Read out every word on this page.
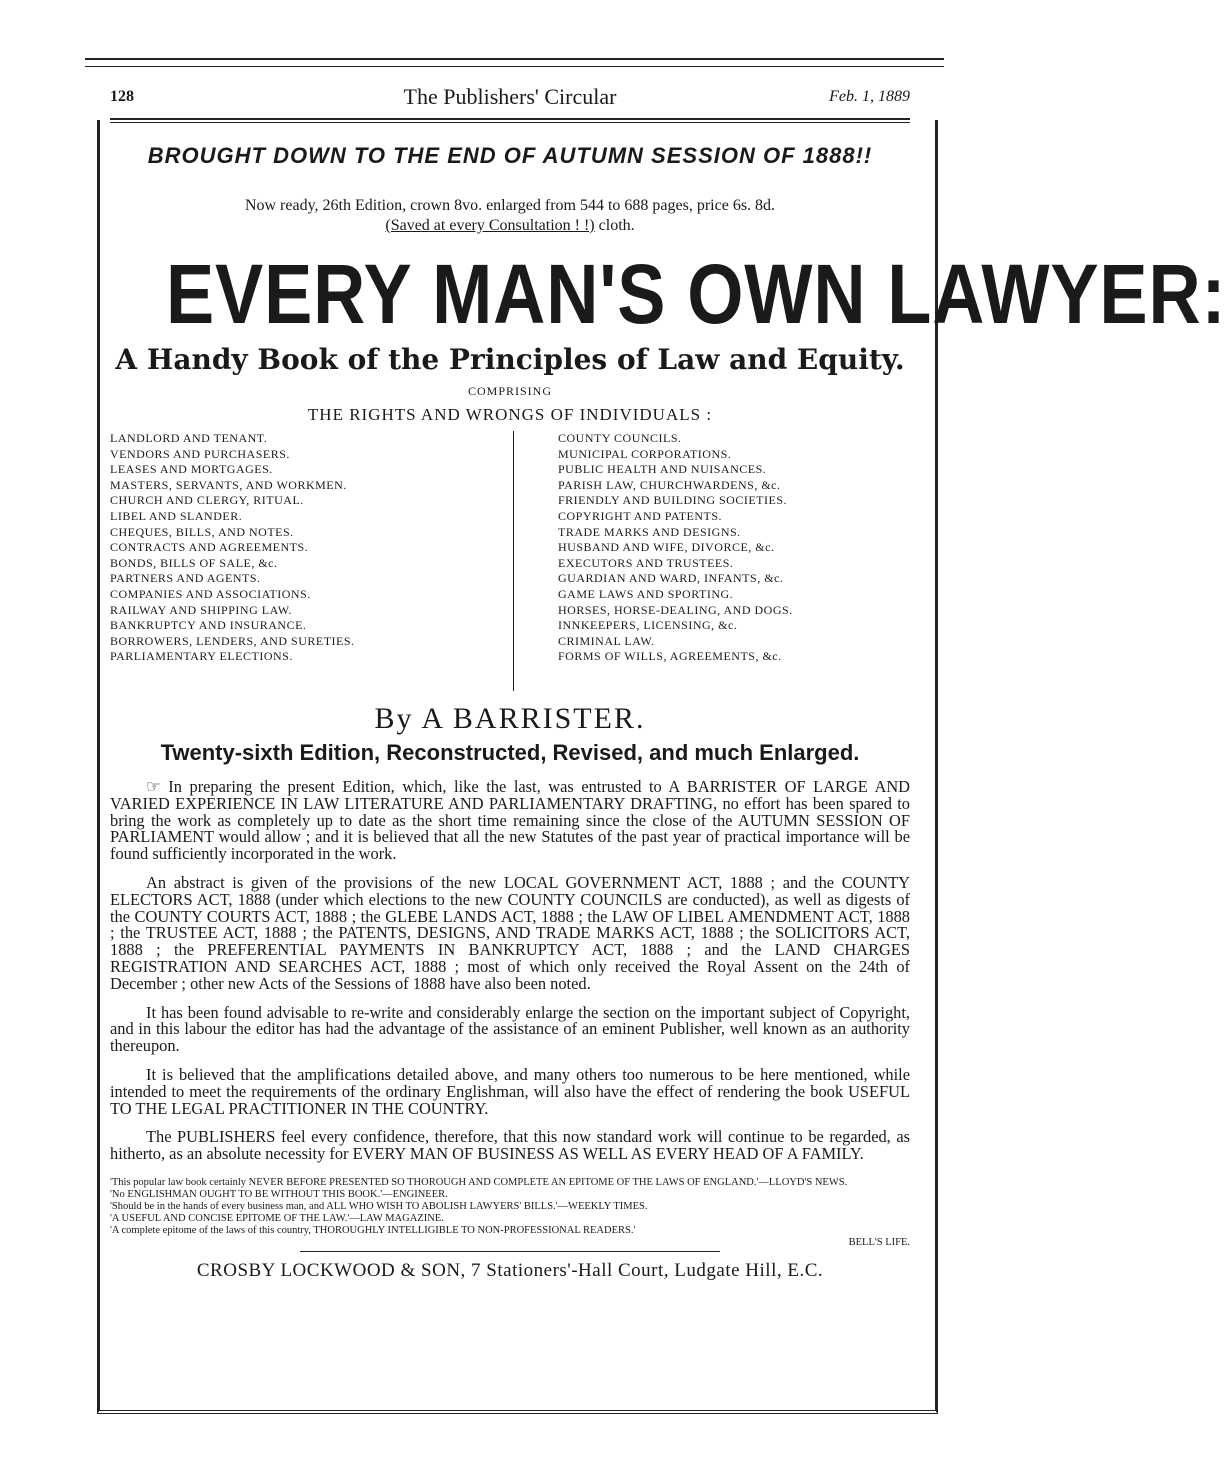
128	The Publishers' Circular	Feb. 1, 1889

BROUGHT DOWN TO THE END OF AUTUMN SESSION OF 1888!!

Now ready, 26th Edition, crown 8vo. enlarged from 544 to 688 pages, price 6s. 8d.
(Saved at every Consultation ! !) cloth.
EVERY MAN'S OWN LAWYER:
A Handy Book of the Principles of Law and Equity.
COMPRISING
THE RIGHTS AND WRONGS OF INDIVIDUALS :
LANDLORD AND TENANT.
VENDORS AND PURCHASERS.
LEASES AND MORTGAGES.
MASTERS, SERVANTS, AND WORKMEN.
CHURCH AND CLERGY, RITUAL.
LIBEL AND SLANDER.
CHEQUES, BILLS, AND NOTES.
CONTRACTS AND AGREEMENTS.
BONDS, BILLS OF SALE, &c.
PARTNERS AND AGENTS.
COMPANIES AND ASSOCIATIONS.
RAILWAY AND SHIPPING LAW.
BANKRUPTCY AND INSURANCE.
BORROWERS, LENDERS, AND SURETIES.
PARLIAMENTARY ELECTIONS.
COUNTY COUNCILS.
MUNICIPAL CORPORATIONS.
PUBLIC HEALTH AND NUISANCES.
PARISH LAW, CHURCHWARDENS, &c.
FRIENDLY AND BUILDING SOCIETIES.
COPYRIGHT AND PATENTS.
TRADE MARKS AND DESIGNS.
HUSBAND AND WIFE, DIVORCE, &c.
EXECUTORS AND TRUSTEES.
GUARDIAN AND WARD, INFANTS, &c.
GAME LAWS AND SPORTING.
HORSES, HORSE-DEALING, AND DOGS.
INNKEEPERS, LICENSING, &c.
CRIMINAL LAW.
FORMS OF WILLS, AGREEMENTS, &c.
By A BARRISTER.
Twenty-sixth Edition, Reconstructed, Revised, and much Enlarged.

☞ In preparing the present Edition, which, like the last, was entrusted to A BARRISTER OF LARGE AND VARIED EXPERIENCE IN LAW LITERATURE AND PARLIAMENTARY DRAFTING, no effort has been spared to bring the work as completely up to date as the short time remaining since the close of the AUTUMN SESSION OF PARLIAMENT would allow ; and it is believed that all the new Statutes of the past year of practical importance will be found sufficiently incorporated in the work.

An abstract is given of the provisions of the new LOCAL GOVERNMENT ACT, 1888 ; and the COUNTY ELECTORS ACT, 1888 (under which elections to the new COUNTY COUNCILS are conducted), as well as digests of the COUNTY COURTS ACT, 1888 ; the GLEBE LANDS ACT, 1888 ; the LAW OF LIBEL AMENDMENT ACT, 1888 ; the TRUSTEE ACT, 1888 ; the PATENTS, DESIGNS, AND TRADE MARKS ACT, 1888 ; the SOLICITORS ACT, 1888 ; the PREFERENTIAL PAYMENTS IN BANKRUPTCY ACT, 1888 ; and the LAND CHARGES REGISTRATION AND SEARCHES ACT, 1888 ; most of which only received the Royal Assent on the 24th of December ; other new Acts of the Sessions of 1888 have also been noted.

It has been found advisable to re-write and considerably enlarge the section on the important subject of Copyright, and in this labour the editor has had the advantage of the assistance of an eminent Publisher, well known as an authority thereupon.

It is believed that the amplifications detailed above, and many others too numerous to be here mentioned, while intended to meet the requirements of the ordinary Englishman, will also have the effect of rendering the book USEFUL TO THE LEGAL PRACTITIONER IN THE COUNTRY.

The PUBLISHERS feel every confidence, therefore, that this now standard work will continue to be regarded, as hitherto, as an absolute necessity for EVERY MAN OF BUSINESS AS WELL AS EVERY HEAD OF A FAMILY.

'This popular law book certainly NEVER BEFORE PRESENTED SO THOROUGH AND COMPLETE AN EPITOME OF THE LAWS OF ENGLAND.'—LLOYD'S NEWS.

'No ENGLISHMAN OUGHT TO BE WITHOUT THIS BOOK.'—ENGINEER.

'Should be in the hands of every business man, and ALL WHO WISH TO ABOLISH LAWYERS' BILLS.'—WEEKLY TIMES.

'A USEFUL AND CONCISE EPITOME OF THE LAW.'—LAW MAGAZINE.

'A complete epitome of the laws of this country, THOROUGHLY INTELLIGIBLE TO NON-PROFESSIONAL READERS.'

BELL'S LIFE.
CROSBY LOCKWOOD & SON, 7 Stationers'-Hall Court, Ludgate Hill, E.C.
